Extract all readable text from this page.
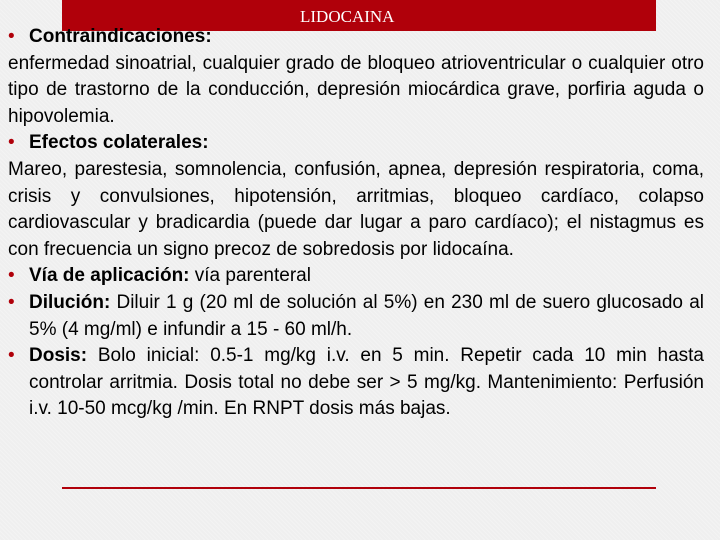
LIDOCAINA

• Contraindicaciones:

enfermedad sinoatrial, cualquier grado de bloqueo atrioventricular o cualquier otro tipo de trastorno de la conducción, depresión miocárdica grave, porfiria aguda o hipovolemia.

• Efectos colaterales:

Mareo, parestesia, somnolencia, confusión, apnea, depresión respiratoria, coma, crisis y convulsiones, hipotensión, arritmias, bloqueo cardíaco, colapso cardiovascular y bradicardia (puede dar lugar a paro cardíaco); el nistagmus es con frecuencia un signo precoz de sobredosis por lidocaína.

• Vía de aplicación: vía parenteral

• Dilución: Diluir 1 g (20 ml de solución al 5%) en 230 ml de suero glucosado al 5% (4 mg/ml) e infundir a 15 - 60 ml/h.

• Dosis: Bolo inicial: 0.5-1 mg/kg i.v. en 5 min. Repetir cada 10 min hasta controlar arritmia. Dosis total no debe ser > 5 mg/kg. Mantenimiento: Perfusión i.v. 10-50 mcg/kg /min. En RNPT dosis más bajas.
